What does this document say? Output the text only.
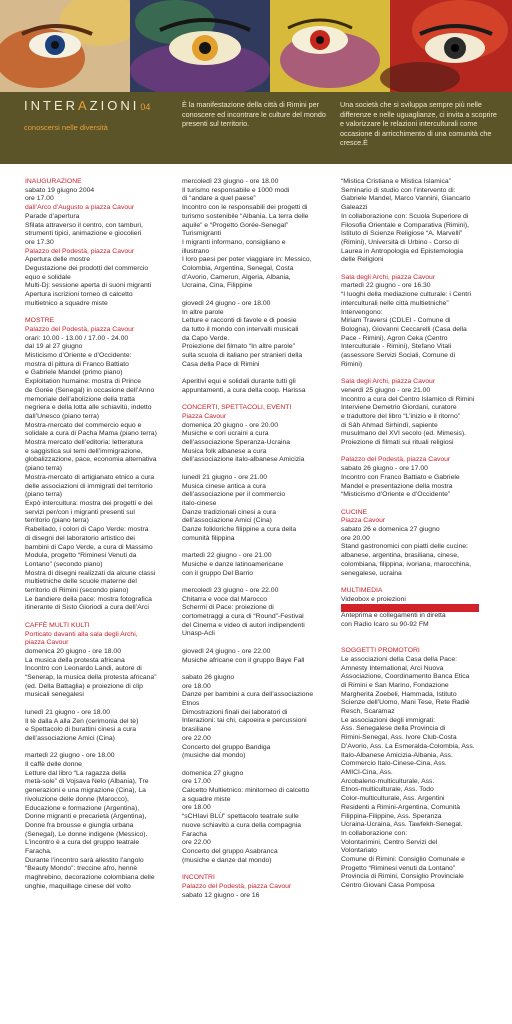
INTERAZIONI04
conoscersi nelle diversità
È la manifestazione della città di Rimini per conoscere ed incontrare le culture del mondo presenti sul territorio.
Una società che si sviluppa sempre più nelle differenze e nelle uguaglianze, ci invita a scoprire e valorizzare le relazioni interculturali come occasione di arricchimento di una comunità che cresce.È
INAUGURAZIONE
sabato 19 giugno 2004
ore 17.00
dall’Arco d’Augusto a piazza Cavour
Parade d’apertura
Sfilata attraverso il centro, con tamburi,
strumenti tipici, animazione e giocolieri
ore 17.30
Palazzo del Podestà, piazza Cavour
Apertura delle mostre
Degustazione dei prodotti del commercio
equo e solidale
Multi-Dj: sessione aperta di suoni migranti
Apertura iscrizioni torneo di calcetto
multietnico a squadre miste
MOSTRE
Palazzo del Podestà, piazza Cavour
orari: 10.00 - 13.00 / 17.00 - 24.00
dal 19 al 27 giugno
Misticismo d’Oriente e d’Occidente:
mostra di pittura di Franco Battiato
e Gabriele Mandel (primo piano)
Exploitation humaine: mostra di Prince
de Gorée (Senegal) in occasione dell’Anno
memoriale dell’abolizione della tratta
negriera e della lotta alle schiavitù, indetto
dall’Unesco (piano terra)
Mostra-mercato del commercio equo e
solidale a cura di Pacha Mama (piano terra)
Mostra mercato dell’editoria: letteratura
e saggistica sui temi dell’immigrazione,
globalizzazione, pace, economia alternativa
(piano terra)
Mostra-mercato di artigianato etnico a cura
delle associazioni di immigrati del territorio
(piano terra)
Expò intercultura: mostra dei progetti e dei
servizi per/con i migranti presenti sul
territorio (piano terra)
Rabellado, i colori di Capo Verde: mostra
di disegni del laboratorio artistico dei
bambini di Capo Verde, a cura di Massimo
Modula, progetto “Riminesi Venuti da
Lontano” (secondo piano)
Mostra di disegni realizzati da alcune classi
multietniche delle scuole materne del
territorio di Rimini (secondo piano)
Le bandiere della pace: mostra fotografica
itinerante di Sisto Gioriodi a cura dell’Arci
CAFFÈ MULTI KULTI
Porticato davanti alla sala degli Archi,
piazza Cavour
domenica 20 giugno - ore 18.00
La musica della protesta africana
Incontro con Leonardo Landi, autore di
“Senerap, la musica della protesta africana”
(ed. Della Battaglia) e proiezione di clip
musicali senegalesi
lunedì 21 giugno - ore 18.00
Il tè dalla A alla Zen (cerimonia del tè)
e Spettacolo di burattini cinesi a cura
dell’associazione Amici (Cina)
martedì 22 giugno - ore 18.00
Il caffè delle donne
Letture dal libro “La ragazza della
metà-sole” di Vojsava Nelo (Albania), Tre
generazioni e una migrazione (Cina), La
rivoluzione delle donne (Marocco),
Educazione e formazione (Argentina),
Donne migranti e precarietà (Argentina),
Donne fra brousse e giungla urbana
(Senegal), Le donne indigene (Messico).
L’incontro è a cura del gruppo teatrale
Faracha.
Durante l’incontro sarà allestito l’angolo
“Beauty Mondo”: treccine afro, hennè
maghrebino, decorazione colombiana delle
unghie, maquillage cinese del volto
mercoledì 23 giugno - ore 18.00
Il turismo responsabile e 1000 modi
di “andare a quel paese”
Incontro con le responsabili dei progetti di
turismo sostenibile “Albania. La terra delle
aquile” e “Progetto Gorée-Senegal”
Turismigranti
I migranti informano, consigliano e
illustrano
I loro paesi per poter viaggiare in: Messico,
Colombia, Argentina, Senegal, Costa
d’Avorio, Camerun, Algeria, Albania,
Ucraina, Cina, Filippine
giovedì 24 giugno - ore 18.00
In altre parole
Letture e racconti di favole e di poesie
da tutto il mondo con intervalli musicali
da Capo Verde.
Proiezione del filmato “In altre parole”
sulla scuola di italiano per stranieri della
Casa della Pace di Rimini
Aperitivi equi e solidali durante tutti gli
appuntamenti, a cura della coop. Harissa
CONCERTI, SPETTACOLI, EVENTI
Piazza Cavour
domenica 20 giugno - ore 20.00
Musiche e cori ucraini a cura
dell’associazione Speranza-Ucraina
Musica folk albanese a cura
dell’associazione italo-albanese Amicizia
lunedì 21 giugno - ore 21.00
Musica cinese antica a cura
dell’associazione per il commercio
italo-cinese
Danze tradizionali cinesi a cura
dell’associazione Amici (Cina)
Danze folkloriche filippine a cura della
comunità filippina
martedì 22 giugno - ore 21.00
Musiche e danze latinoamericane
con il gruppo Del Barrio
mercoledì 23 giugno - ore 22.00
Chitarra e voce dal Marocco
Schermi di Pace: proiezione di
cortometraggi a cura di “Round”-Festival
del Cinema e video di autori indipendenti
Unasp-Acli
giovedì 24 giugno - ore 22.00
Musiche africane con il gruppo Baye Fall
sabato 26 giugno
ore 18.00
Danze per bambini a cura dell’associazione
Etnos
Dimostrazioni finali dei laboratori di
Interazioni: tai chi, capoeira e percussioni
brasiliane
ore 22.00
Concerto del gruppo Bandiga
(musiche dal mondo)
domenica 27 giugno
ore 17.00
Calcetto Multietnico: minitorneo di calcetto
a squadre miste
ore 18.00
“sCHIavi BLÙ” spettacolo teatrale sulle
nuove schiavitù a cura della compagnia
Faracha
ore 22.00
Concerto del gruppo Asabranca
(musiche e danze dal mondo)
INCONTRI
Palazzo del Podestà, piazza Cavour
sabato 12 giugno - ore 16
“Mistica Cristiana e Mistica Islamica”
Seminario di studio con l’intervento di:
Gabriele Mandel, Marco Vannini, Giancarlo
Galeazzi
In collaborazione con: Scuola Superiore di
Filosofia Orientale e Comparativa (Rimini),
Istituto di Scienze Religiose “A. Marvelli”
(Rimini), Università di Urbino - Corso di
Laurea in Antropologia ed Epistemologia
delle Religioni
Sala degli Archi, piazza Cavour
martedì 22 giugno - ore 16.30
“I luoghi della mediazione culturale: i Centri
interculturali nelle città multietniche”
Intervengono:
Miriam Traversi (CDLEI - Comune di
Bologna), Giovanni Ceccarelli (Casa della
Pace - Rimini), Agron Ceka (Centro
Interculturale - Rimini), Stefano Vitali
(assessore Servizi Sociali, Comune di
Rimini)
Sala degli Archi, piazza Cavour
venerdì 25 giugno - ore 21.00
Incontro a cura del Centro Islamico di Rimini
Interviene Demetrio Giordani, curatore
e traduttore del libro “L’inizio e il ritorno”
di Sâh Ahmad Sirhindî, sapiente
musulmano del XVI secolo (ed. Mimesis).
Proiezione di filmati sui rituali religiosi
Palazzo del Podestà, piazza Cavour
sabato 26 giugno - ore 17.00
Incontro con Franco Battiato e Gabriele
Mandel e presentazione della mostra
“Misticismo d’Oriente e d’Occidente”
CUCINE
Piazza Cavour
sabato 26 e domenica 27 giugno
ore 20.00
Stand gastronomici con piatti delle cucine:
albanese, argentina, brasiliana, cinese,
colombiana, filippina, ivoriana, marocchina,
senegalese, ucraina
MULTIMEDIA
Videobox e proiezioni
Anteprima e collegamenti in diretta
con Radio Icaro su 90-92 FM
SOGGETTI PROMOTORI
Le associazioni della Casa della Pace:
Amnesty International, Arci Nuova
Associazione, Coordinamento Banca Etica
di Rimini e San Marino, Fondazione
Margherita Zoebeli, Hammada, Istituto
Scienze dell’Uomo, Mani Tese, Rete Radiè
Resch, Scaramaz
Le associazioni degli immigrati:
Ass. Senegalese della Provincia di
Rimini-Senegal, Ass. Ivore Club-Costa
D’Avorio, Ass. La Esmeralda-Colombia, Ass.
Italo-Albanese Amicizia-Albania, Ass.
Commercio Italo-Cinese-Cina, Ass.
AMICI-Cina, Ass.
Arcobaleno-multiculturale, Ass.
Etnos-multiculturale, Ass. Todo
Color-multiculturale, Ass. Argentini
Residenti a Rimini-Argentina, Comunità
Filippina-Filippine, Ass. Speranza
Ucraina-Ucraina, Ass. Tawfekh-Senegal.
In collaborazione con:
Volontarimini, Centro Servizi del
Volontariato
Comune di Rimini: Consiglio Comunale e
Progetto “Riminesi venuti da Lontano”
Provincia di Rimini, Consiglio Provinciale
Centro Giovani Casa Pomposa
